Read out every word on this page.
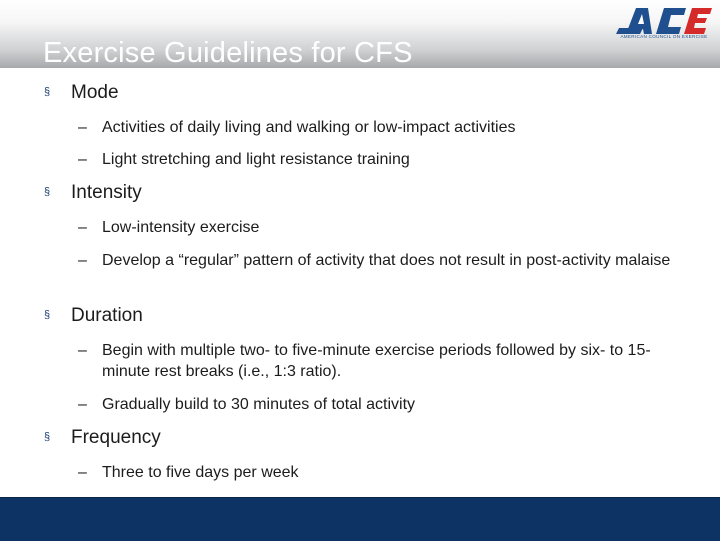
Exercise Guidelines for CFS
AMERICAN COUNCIL ON EXERCISE
§ Mode
– Activities of daily living and walking or low-impact activities
– Light stretching and light resistance training
§ Intensity
– Low-intensity exercise
– Develop a “regular” pattern of activity that does not result in post-activity malaise
§ Duration
– Begin with multiple two- to five-minute exercise periods followed by six- to 15-minute rest breaks (i.e., 1:3 ratio).
– Gradually build to 30 minutes of total activity
§ Frequency
– Three to five days per week
